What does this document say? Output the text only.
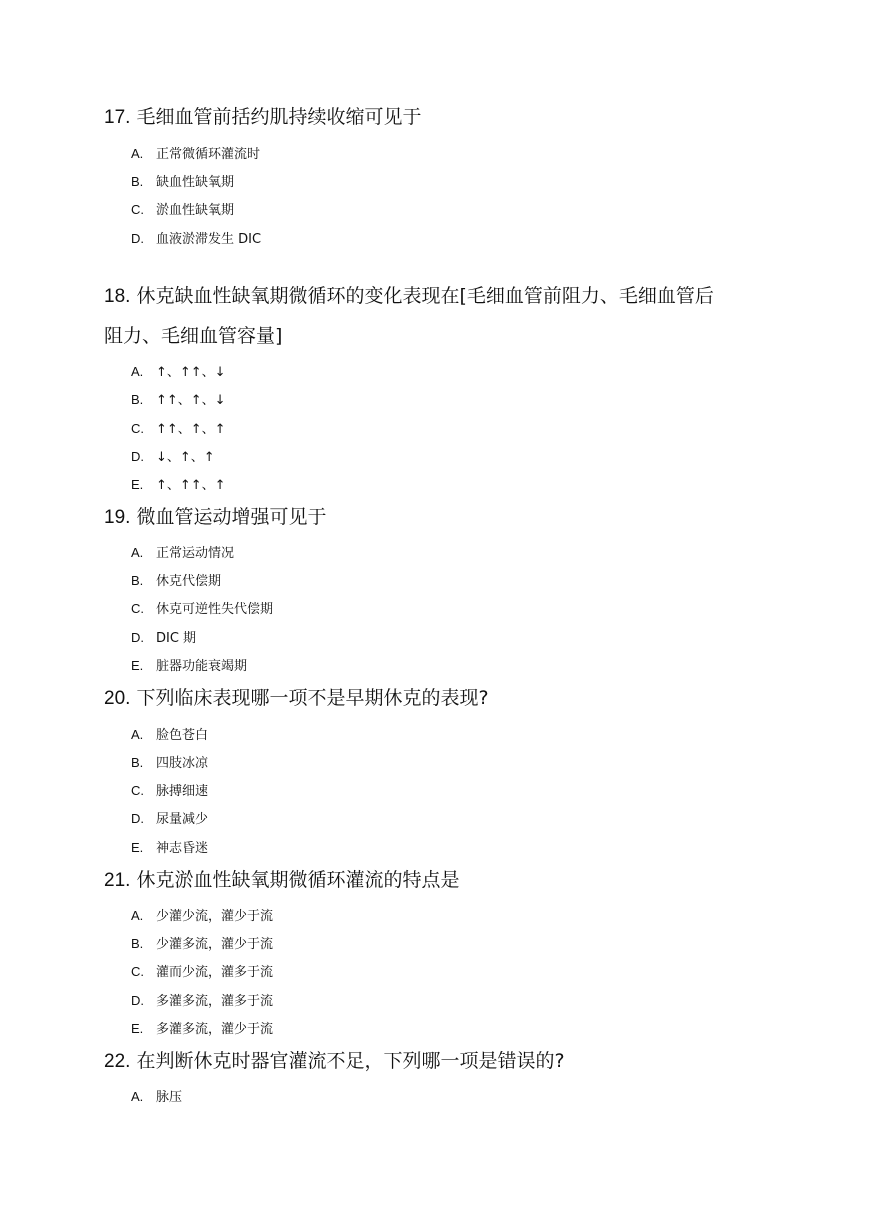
17. 毛细血管前括约肌持续收缩可见于
A. 正常微循环灌流时
B. 缺血性缺氧期
C. 淤血性缺氧期
D. 血液淤滞发生 DIC
18. 休克缺血性缺氧期微循环的变化表现在[毛细血管前阻力、毛细血管后
阻力、毛细血管容量]
A. ↑、↑↑、↓
B. ↑↑、↑、↓
C. ↑↑、↑、↑
D. ↓、↑、↑
E. ↑、↑↑、↑
19. 微血管运动增强可见于
A. 正常运动情况
B. 休克代偿期
C. 休克可逆性失代偿期
D. DIC 期
E. 脏器功能衰竭期
20. 下列临床表现哪一项不是早期休克的表现?
A. 脸色苍白
B. 四肢冰凉
C. 脉搏细速
D. 尿量减少
E. 神志昏迷
21. 休克淤血性缺氧期微循环灌流的特点是
A. 少灌少流，灌少于流
B. 少灌多流，灌少于流
C. 灌而少流，灌多于流
D. 多灌多流，灌多于流
E. 多灌多流，灌少于流
22. 在判断休克时器官灌流不足，下列哪一项是错误的?
A. 脉压
